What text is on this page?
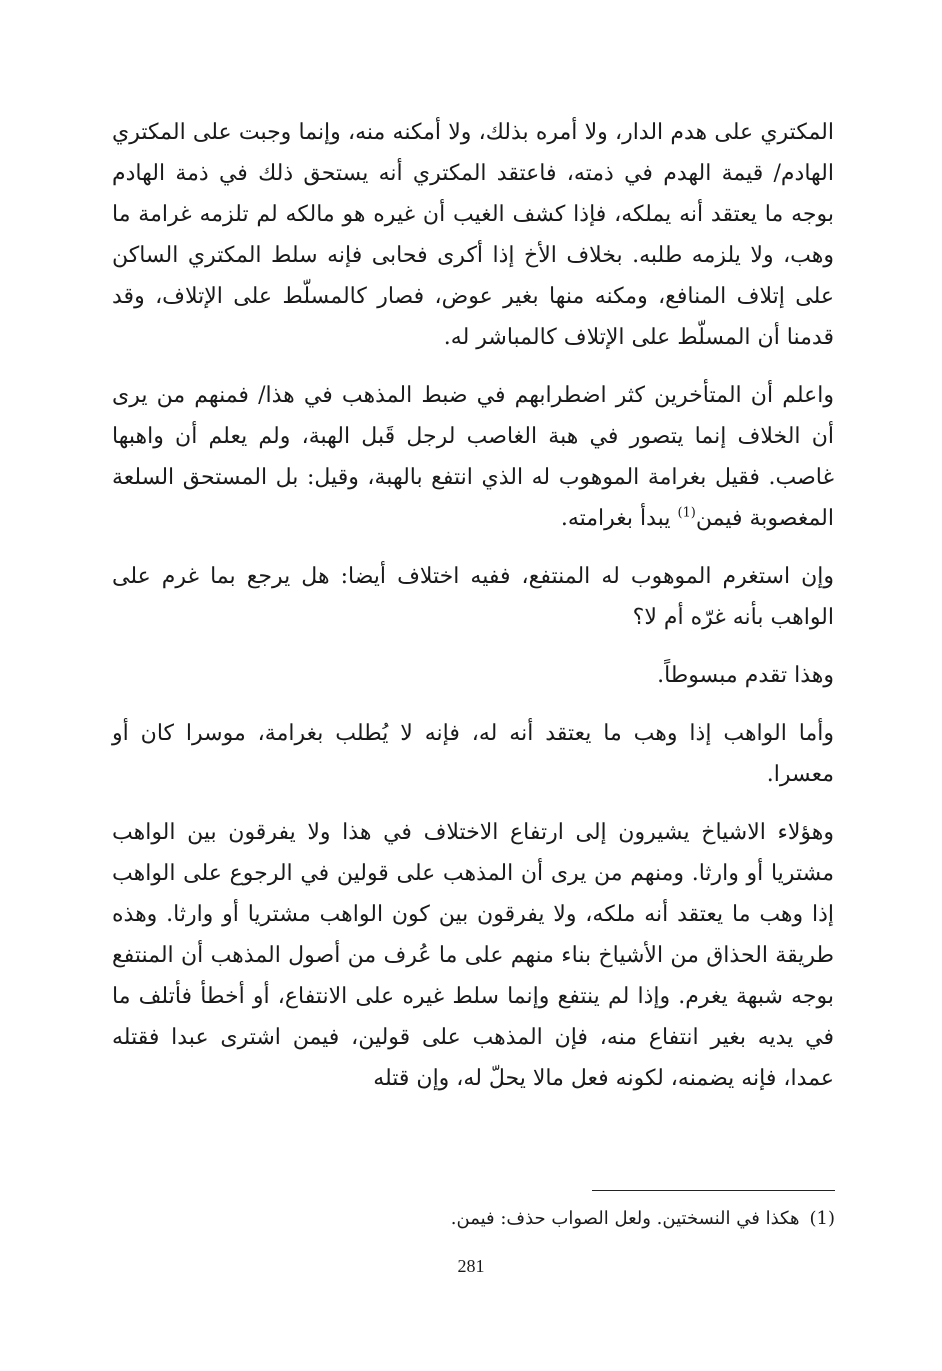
المكتري على هدم الدار، ولا أمره بذلك، ولا أمكنه منه، وإنما وجبت على المكتري الهادم/ قيمة الهدم في ذمته، فاعتقد المكتري أنه يستحق ذلك في ذمة الهادم بوجه ما يعتقد أنه يملكه، فإذا كشف الغيب أن غيره هو مالكه لم تلزمه غرامة ما وهب، ولا يلزمه طلبه. بخلاف الأخ إذا أكرى فحابى فإنه سلط المكتري الساكن على إتلاف المنافع، ومكنه منها بغير عوض، فصار كالمسلّط على الإتلاف، وقد قدمنا أن المسلّط على الإتلاف كالمباشر له.

واعلم أن المتأخرين كثر اضطرابهم في ضبط المذهب في هذا/ فمنهم من يرى أن الخلاف إنما يتصور في هبة الغاصب لرجل قَبل الهبة، ولم يعلم أن واهبها غاصب. فقيل بغرامة الموهوب له الذي انتفع بالهبة، وقيل: بل المستحق السلعة المغصوبة فيمن$^{(1)}$ يبدأ بغرامته.

وإن استغرم الموهوب له المنتفع، ففيه اختلاف أيضا: هل يرجع بما غرم على الواهب بأنه غرّه أم لا؟

وهذا تقدم مبسوطاً.

وأما الواهب إذا وهب ما يعتقد أنه له، فإنه لا يُطلب بغرامة، موسرا كان أو معسرا.

وهؤلاء الاشياخ يشيرون إلى ارتفاع الاختلاف في هذا ولا يفرقون بين الواهب مشتريا أو وارثا. ومنهم من يرى أن المذهب على قولين في الرجوع على الواهب إذا وهب ما يعتقد أنه ملكه، ولا يفرقون بين كون الواهب مشتريا أو وارثا. وهذه طريقة الحذاق من الأشياخ بناء منهم على ما عُرف من أصول المذهب أن المنتفع بوجه شبهة يغرم. وإذا لم ينتفع وإنما سلط غيره على الانتفاع، أو أخطأ فأتلف ما في يديه بغير انتفاع منه، فإن المذهب على قولين، فيمن اشترى عبدا فقتله عمدا، فإنه يضمنه، لكونه فعل مالا يحلّ له، وإن قتله

(1)هكذا في النسختين. ولعل الصواب حذف: فيمن.
281
